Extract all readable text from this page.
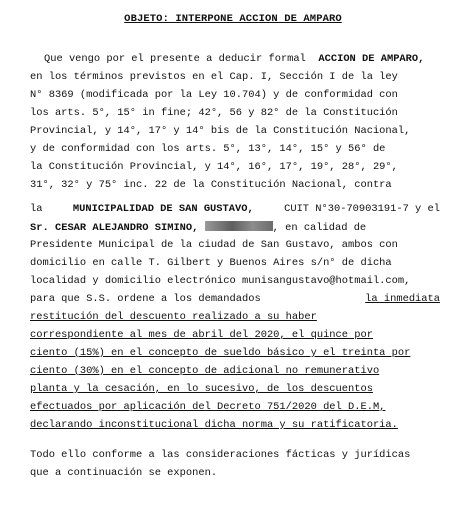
OBJETO: INTERPONE ACCION DE AMPARO
Que vengo por el presente a deducir formal ACCION DE AMPARO,
en los términos previstos en el Cap. I, Sección I de la ley
N° 8369 (modificada por la Ley 10.704) y de conformidad con
los arts. 5°, 15° in fine; 42°, 56 y 82° de la Constitución
Provincial, y 14°, 17° y 14° bis de la Constitución Nacional,
y de conformidad con los arts. 5°, 13°, 14°, 15° y 56° de
la Constitución Provincial, y 14°, 16°, 17°, 19°, 28°, 29°,
31°, 32° y 75° inc. 22 de la Constitución Nacional, contra
la	MUNICIPALIDAD DE SAN GUSTAVO,	CUIT N°30-70903191-7 y el
Sr. CESAR ALEJANDRO SIMINO,	, en calidad de
Presidente Municipal de la ciudad de San Gustavo, ambos con
domicilio en calle T. Gilbert y Buenos Aires s/n° de dicha
localidad y domicilio electrónico munisangustavo@hotmail.com,
para que S.S. ordene a los demandados	la inmediata
restitución del descuento realizado a su haber
correspondiente al mes de abril del 2020, el quince por
ciento (15%) en el concepto de sueldo básico y el treinta por
ciento (30%) en el concepto de adicional no remunerativo
planta y la cesación, en lo sucesivo, de los descuentos
efectuados por aplicación del Decreto 751/2020 del D.E.M,
declarando inconstitucional dicha norma y su ratificatoria.
Todo ello conforme a las consideraciones fácticas y jurídicas
que a continuación se exponen.
